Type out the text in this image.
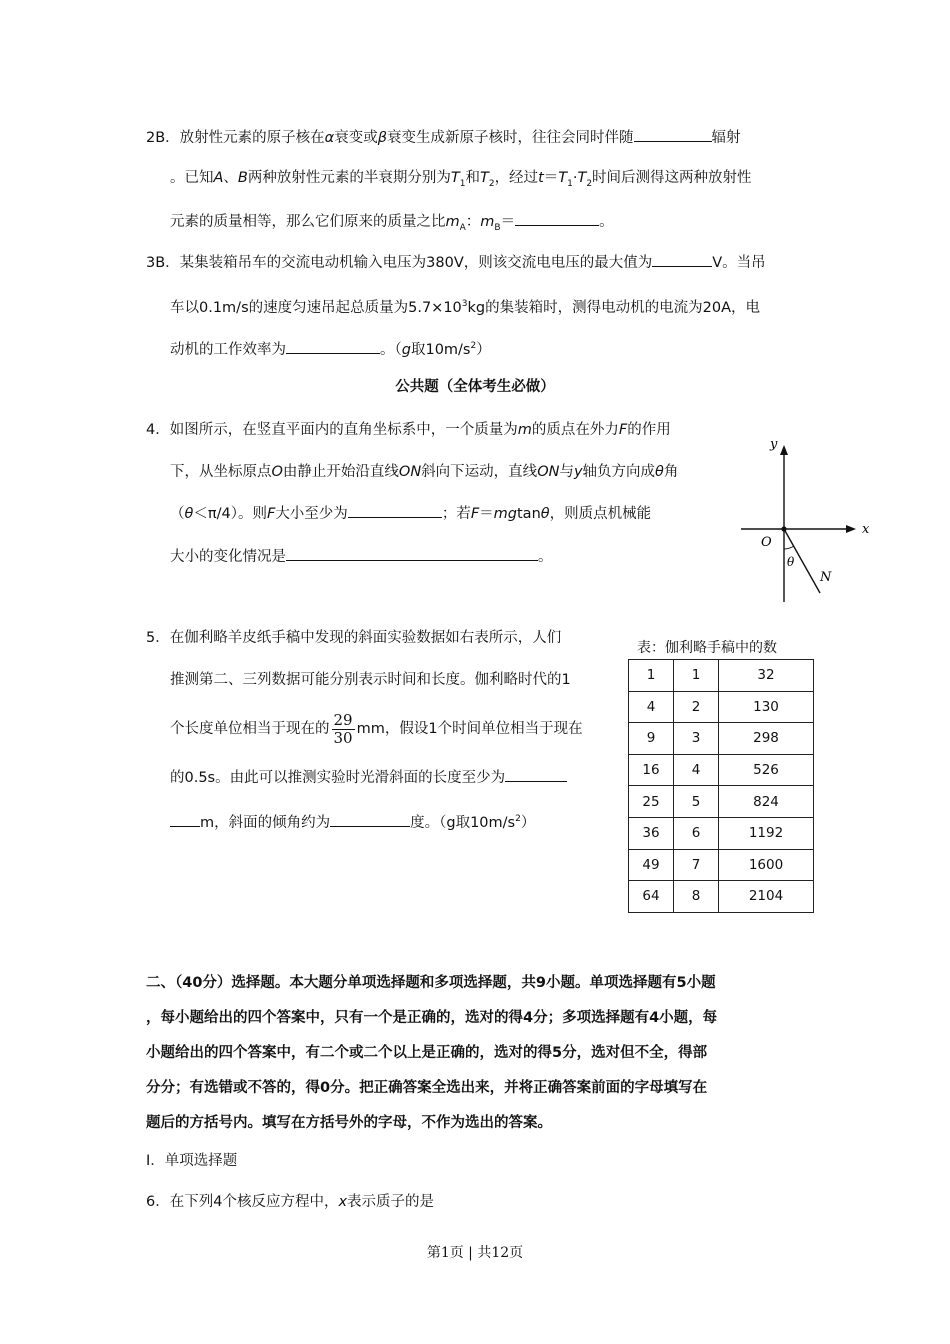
2B．放射性元素的原子核在α衰变或β衰变生成新原子核时，往往会同时伴随	辐射
。已知A、B两种放射性元素的半衰期分别为$T_1$和$T_2$，经过$t=T_1\cdot T_2$时间后测得这两种放射性
元素的质量相等，那么它们原来的质量之比$m_A$：$m_B=$	。
3B．某集装箱吊车的交流电动机输入电压为380V，则该交流电电压的最大值为	V。当吊
车以0.1m/s的速度匀速吊起总质量为$5.7\times 10^3kg$的集装箱时，测得电动机的电流为20A，电
动机的工作效率为	。（g取$10m/s^2$）
公共题（全体考生必做）
4．如图所示，在竖直平面内的直角坐标系中，一个质量为m的质点在外力F的作用
下，从坐标原点O由静止开始沿直线ON斜向下运动，直线ON与y轴负方向成θ角
（θ＜π/4）。则F大小至少为	；若F＝mgtanθ，则质点机械能
大小的变化情况是	。
y
x
O
θ
N
5．在伽利略羊皮纸手稿中发现的斜面实验数据如右表所示，人们
推测第二、三列数据可能分别表示时间和长度。伽利略时代的1
个长度单位相当于现在的 $\frac{29}{30}$ mm，假设1个时间单位相当于现在
的0.5s。由此可以推测实验时光滑斜面的长度至少为
m，斜面的倾角约为	度。（g取$10m/s^2$）
表：伽利略手稿中的数
1	1	32
4	2	130
9	3	298
16	4	526
25	5	824
36	6	1192
49	7	1600
64	8	2104
二、（40分）选择题。本大题分单项选择题和多项选择题，共9小题。单项选择题有5小题
，每小题给出的四个答案中，只有一个是正确的，选对的得4分；多项选择题有4小题，每
小题给出的四个答案中，有二个或二个以上是正确的，选对的得5分，选对但不全，得部
分分；有选错或不答的，得0分。把正确答案全选出来，并将正确答案前面的字母填写在
题后的方括号内。填写在方括号外的字母，不作为选出的答案。
Ⅰ．单项选择题
6．在下列4个核反应方程中，x表示质子的是
第1页 | 共12页
